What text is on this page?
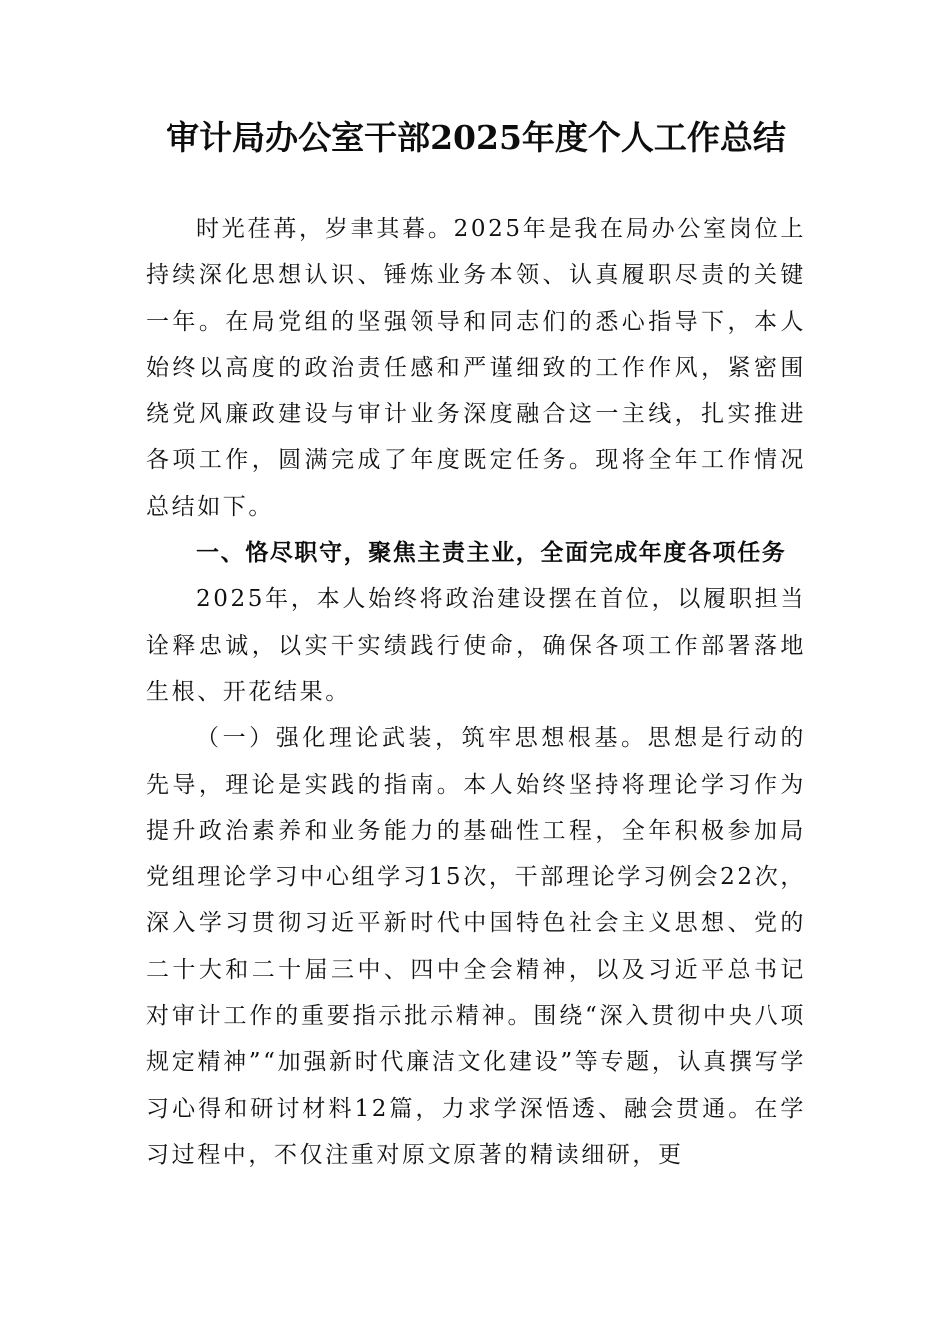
审计局办公室干部2025年度个人工作总结

时光荏苒，岁聿其暮。2025年是我在局办公室岗位上持续深化思想认识、锤炼业务本领、认真履职尽责的关键一年。在局党组的坚强领导和同志们的悉心指导下，本人始终以高度的政治责任感和严谨细致的工作作风，紧密围绕党风廉政建设与审计业务深度融合这一主线，扎实推进各项工作，圆满完成了年度既定任务。现将全年工作情况总结如下。

一、恪尽职守，聚焦主责主业，全面完成年度各项任务

2025年，本人始终将政治建设摆在首位，以履职担当诠释忠诚，以实干实绩践行使命，确保各项工作部署落地生根、开花结果。

（一）强化理论武装，筑牢思想根基。思想是行动的先导，理论是实践的指南。本人始终坚持将理论学习作为提升政治素养和业务能力的基础性工程，全年积极参加局党组理论学习中心组学习15次，干部理论学习例会22次，深入学习贯彻习近平新时代中国特色社会主义思想、党的二十大和二十届三中、四中全会精神，以及习近平总书记对审计工作的重要指示批示精神。围绕“深入贯彻中央八项规定精神”“加强新时代廉洁文化建设”等专题，认真撰写学习心得和研讨材料12篇，力求学深悟透、融会贯通。在学习过程中，不仅注重对原文原著的精读细研，更
